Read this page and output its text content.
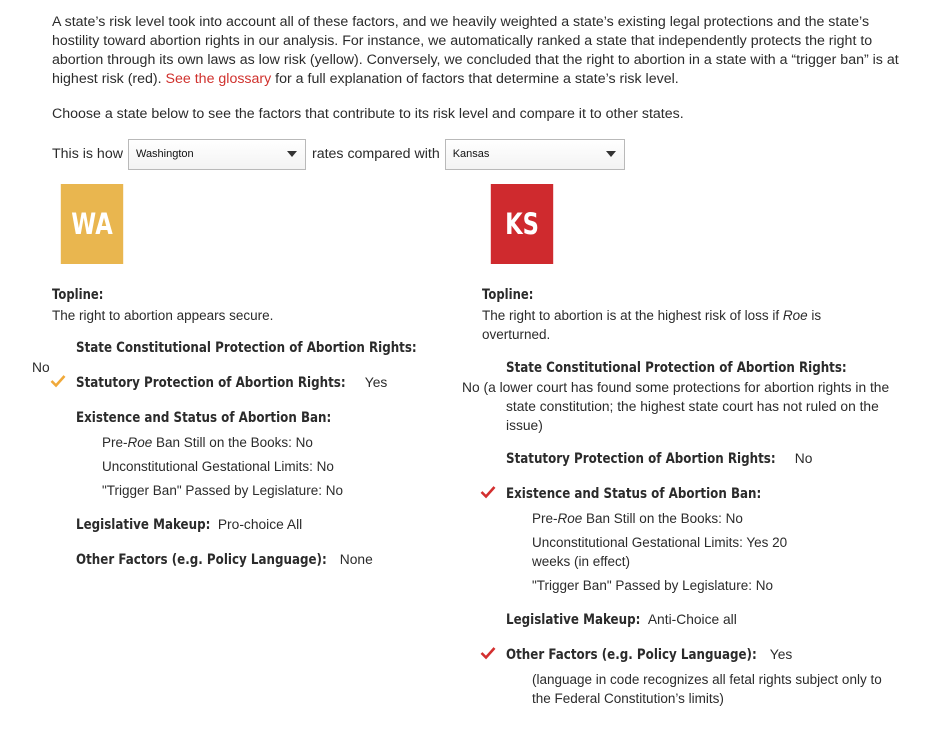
A state’s risk level took into account all of these factors, and we heavily weighted a state’s existing legal protections and the state’s hostility toward abortion rights in our analysis. For instance, we automatically ranked a state that independently protects the right to abortion through its own laws as low risk (yellow). Conversely, we concluded that the right to abortion in a state with a “trigger ban” is at highest risk (red). See the glossary for a full explanation of factors that determine a state’s risk level.

Choose a state below to see the factors that contribute to its risk level and compare it to other states.

This is how Washington	rates compared with Kansas
WA	KS
Topline:
The right to abortion appears secure.
State Constitutional Protection of Abortion Rights:No
Statutory Protection of Abortion Rights: Yes
Existence and Status of Abortion Ban:
Pre-Roe Ban Still on the Books: No
Unconstitutional Gestational Limits: No
"Trigger Ban" Passed by Legislature: No
Legislative Makeup: Pro-choice All
Other Factors (e.g. Policy Language): None
Topline:
The right to abortion is at the highest risk of loss if Roe is overturned.
State Constitutional Protection of Abortion Rights:No (a lower court has found some protections for abortion rights in the state constitution; the highest state court has not ruled on the issue)
Statutory Protection of Abortion Rights: No
Existence and Status of Abortion Ban:
Pre-Roe Ban Still on the Books: No
Unconstitutional Gestational Limits: Yes 20 weeks (in effect)
"Trigger Ban" Passed by Legislature: No
Legislative Makeup: Anti-Choice all
Other Factors (e.g. Policy Language): Yes
(language in code recognizes all fetal rights subject only to the Federal Constitution’s limits)
